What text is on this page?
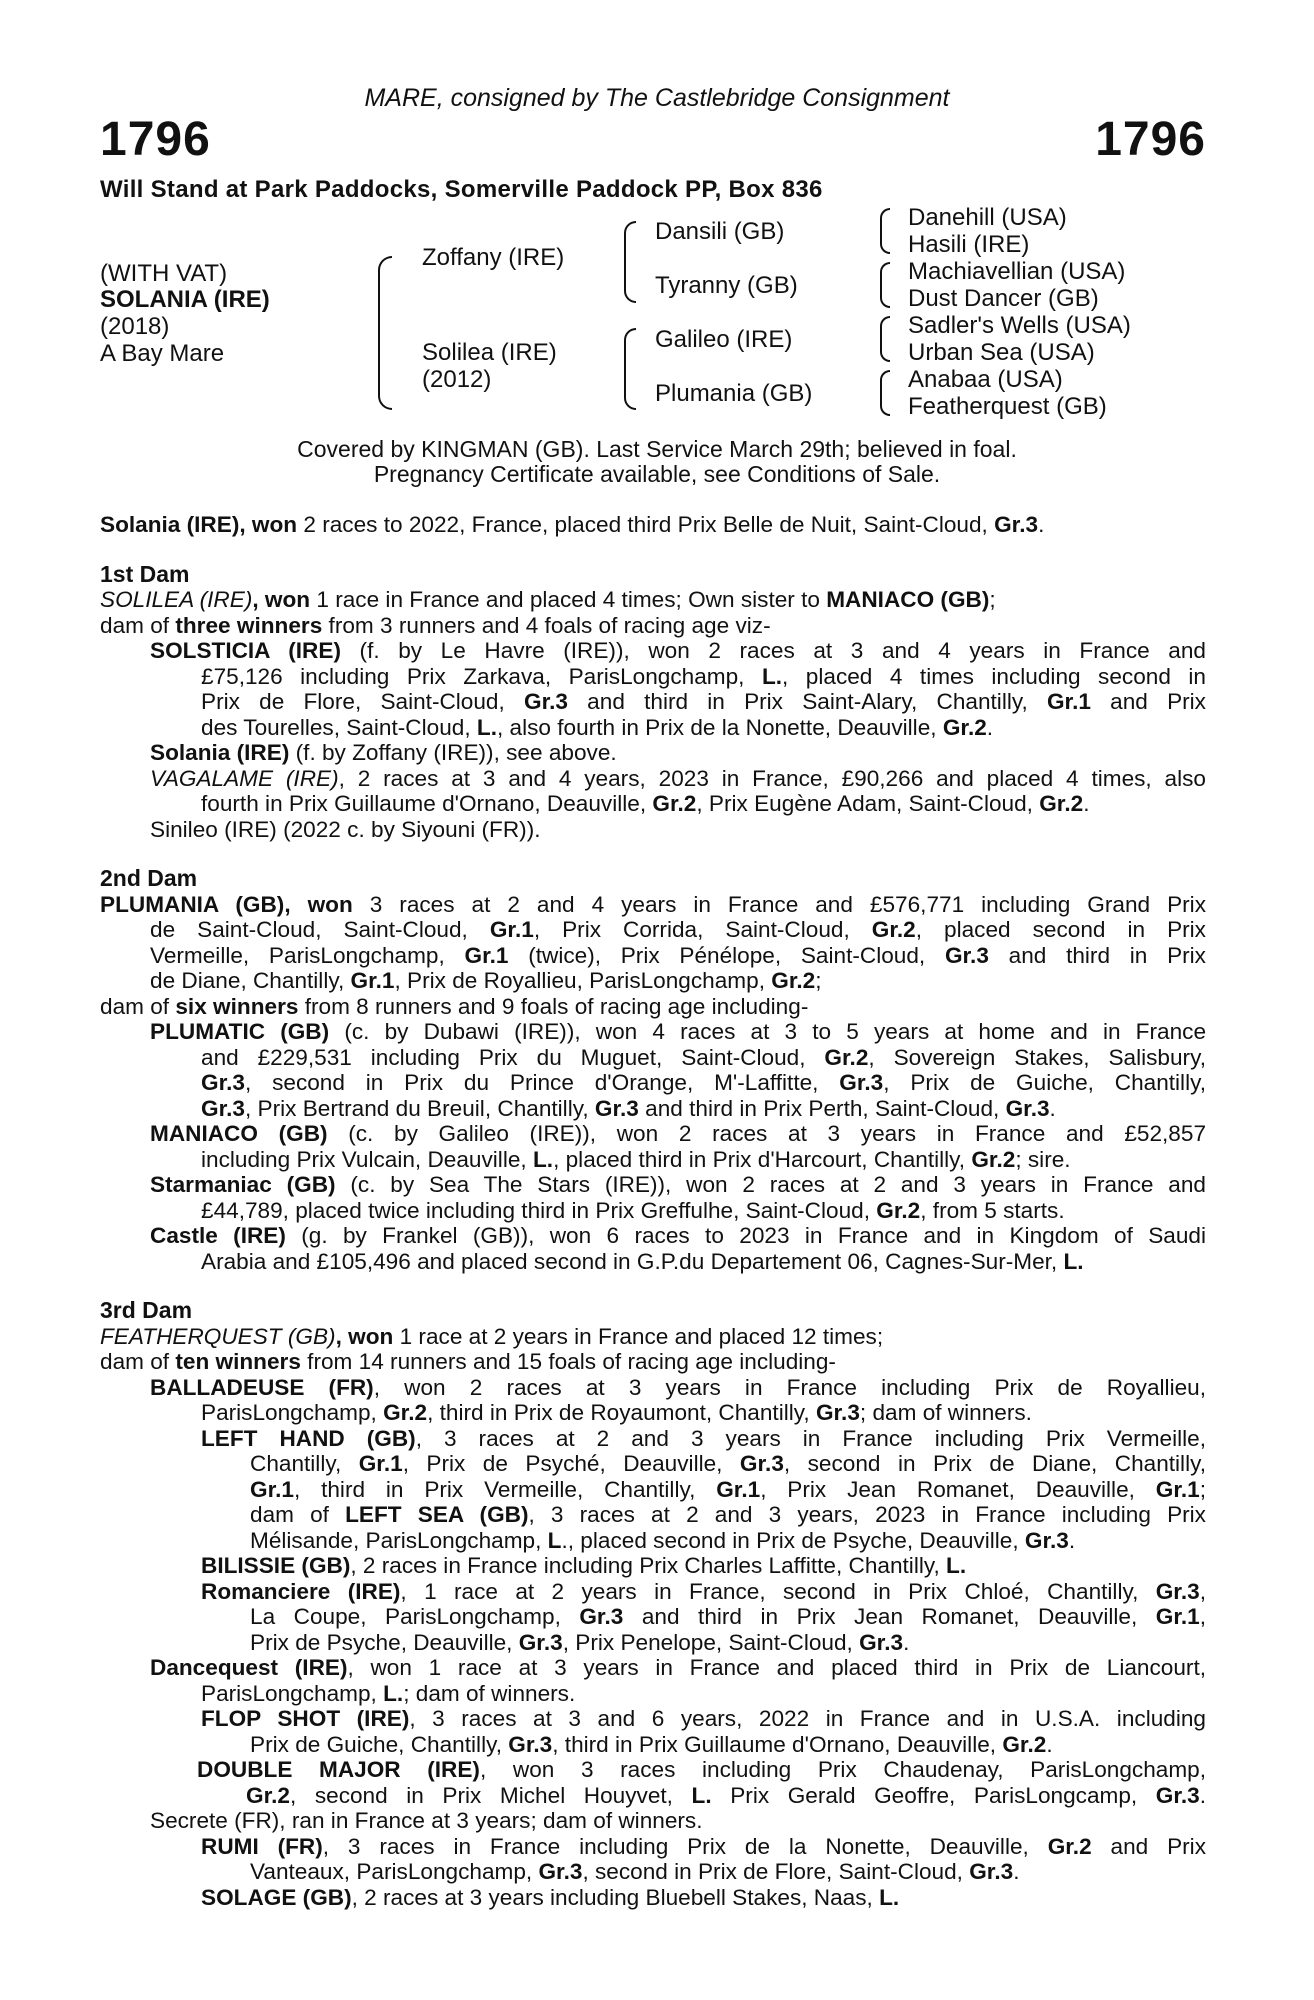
MARE, consigned by The Castlebridge Consignment
1796	1796
Will Stand at Park Paddocks, Somerville Paddock PP, Box 836
(WITH VAT)
SOLANIA (IRE)
(2018)
A Bay Mare
Zoffany (IRE)
Solilea (IRE)
(2012)
Dansili (GB)
Tyranny (GB)
Galileo (IRE)
Plumania (GB)
Danehill (USA)
Hasili (IRE)
Machiavellian (USA)
Dust Dancer (GB)
Sadler's Wells (USA)
Urban Sea (USA)
Anabaa (USA)
Featherquest (GB)
Covered by KINGMAN (GB). Last Service March 29th; believed in foal.
Pregnancy Certificate available, see Conditions of Sale.
Solania (IRE), won 2 races to 2022, France, placed third Prix Belle de Nuit, Saint-Cloud, Gr.3.
1st Dam
SOLILEA (IRE), won 1 race in France and placed 4 times; Own sister to MANIACO (GB);
dam of three winners from 3 runners and 4 foals of racing age viz-
SOLSTICIA (IRE) (f. by Le Havre (IRE)), won 2 races at 3 and 4 years in France and
£75,126 including Prix Zarkava, ParisLongchamp, L., placed 4 times including second in
Prix de Flore, Saint-Cloud, Gr.3 and third in Prix Saint-Alary, Chantilly, Gr.1 and Prix
des Tourelles, Saint-Cloud, L., also fourth in Prix de la Nonette, Deauville, Gr.2.
Solania (IRE) (f. by Zoffany (IRE)), see above.
VAGALAME (IRE), 2 races at 3 and 4 years, 2023 in France, £90,266 and placed 4 times, also
fourth in Prix Guillaume d'Ornano, Deauville, Gr.2, Prix Eugène Adam, Saint-Cloud, Gr.2.
Sinileo (IRE) (2022 c. by Siyouni (FR)).
2nd Dam
PLUMANIA (GB), won 3 races at 2 and 4 years in France and £576,771 including Grand Prix
de Saint-Cloud, Saint-Cloud, Gr.1, Prix Corrida, Saint-Cloud, Gr.2, placed second in Prix
Vermeille, ParisLongchamp, Gr.1 (twice), Prix Pénélope, Saint-Cloud, Gr.3 and third in Prix
de Diane, Chantilly, Gr.1, Prix de Royallieu, ParisLongchamp, Gr.2;
dam of six winners from 8 runners and 9 foals of racing age including-
PLUMATIC (GB) (c. by Dubawi (IRE)), won 4 races at 3 to 5 years at home and in France
and £229,531 including Prix du Muguet, Saint-Cloud, Gr.2, Sovereign Stakes, Salisbury,
Gr.3, second in Prix du Prince d'Orange, M'-Laffitte, Gr.3, Prix de Guiche, Chantilly,
Gr.3, Prix Bertrand du Breuil, Chantilly, Gr.3 and third in Prix Perth, Saint-Cloud, Gr.3.
MANIACO (GB) (c. by Galileo (IRE)), won 2 races at 3 years in France and £52,857
including Prix Vulcain, Deauville, L., placed third in Prix d'Harcourt, Chantilly, Gr.2; sire.
Starmaniac (GB) (c. by Sea The Stars (IRE)), won 2 races at 2 and 3 years in France and
£44,789, placed twice including third in Prix Greffulhe, Saint-Cloud, Gr.2, from 5 starts.
Castle (IRE) (g. by Frankel (GB)), won 6 races to 2023 in France and in Kingdom of Saudi
Arabia and £105,496 and placed second in G.P.du Departement 06, Cagnes-Sur-Mer, L.
3rd Dam
FEATHERQUEST (GB), won 1 race at 2 years in France and placed 12 times;
dam of ten winners from 14 runners and 15 foals of racing age including-
BALLADEUSE (FR), won 2 races at 3 years in France including Prix de Royallieu,
ParisLongchamp, Gr.2, third in Prix de Royaumont, Chantilly, Gr.3; dam of winners.
LEFT HAND (GB), 3 races at 2 and 3 years in France including Prix Vermeille,
Chantilly, Gr.1, Prix de Psyché, Deauville, Gr.3, second in Prix de Diane, Chantilly,
Gr.1, third in Prix Vermeille, Chantilly, Gr.1, Prix Jean Romanet, Deauville, Gr.1;
dam of LEFT SEA (GB), 3 races at 2 and 3 years, 2023 in France including Prix
Mélisande, ParisLongchamp, L., placed second in Prix de Psyche, Deauville, Gr.3.
BILISSIE (GB), 2 races in France including Prix Charles Laffitte, Chantilly, L.
Romanciere (IRE), 1 race at 2 years in France, second in Prix Chloé, Chantilly, Gr.3,
La Coupe, ParisLongchamp, Gr.3 and third in Prix Jean Romanet, Deauville, Gr.1,
Prix de Psyche, Deauville, Gr.3, Prix Penelope, Saint-Cloud, Gr.3.
Dancequest (IRE), won 1 race at 3 years in France and placed third in Prix de Liancourt,
ParisLongchamp, L.; dam of winners.
FLOP SHOT (IRE), 3 races at 3 and 6 years, 2022 in France and in U.S.A. including
Prix de Guiche, Chantilly, Gr.3, third in Prix Guillaume d'Ornano, Deauville, Gr.2.
DOUBLE MAJOR (IRE), won 3 races including Prix Chaudenay, ParisLongchamp,
Gr.2, second in Prix Michel Houyvet, L. Prix Gerald Geoffre, ParisLongcamp, Gr.3.
Secrete (FR), ran in France at 3 years; dam of winners.
RUMI (FR), 3 races in France including Prix de la Nonette, Deauville, Gr.2 and Prix
Vanteaux, ParisLongchamp, Gr.3, second in Prix de Flore, Saint-Cloud, Gr.3.
SOLAGE (GB), 2 races at 3 years including Bluebell Stakes, Naas, L.
